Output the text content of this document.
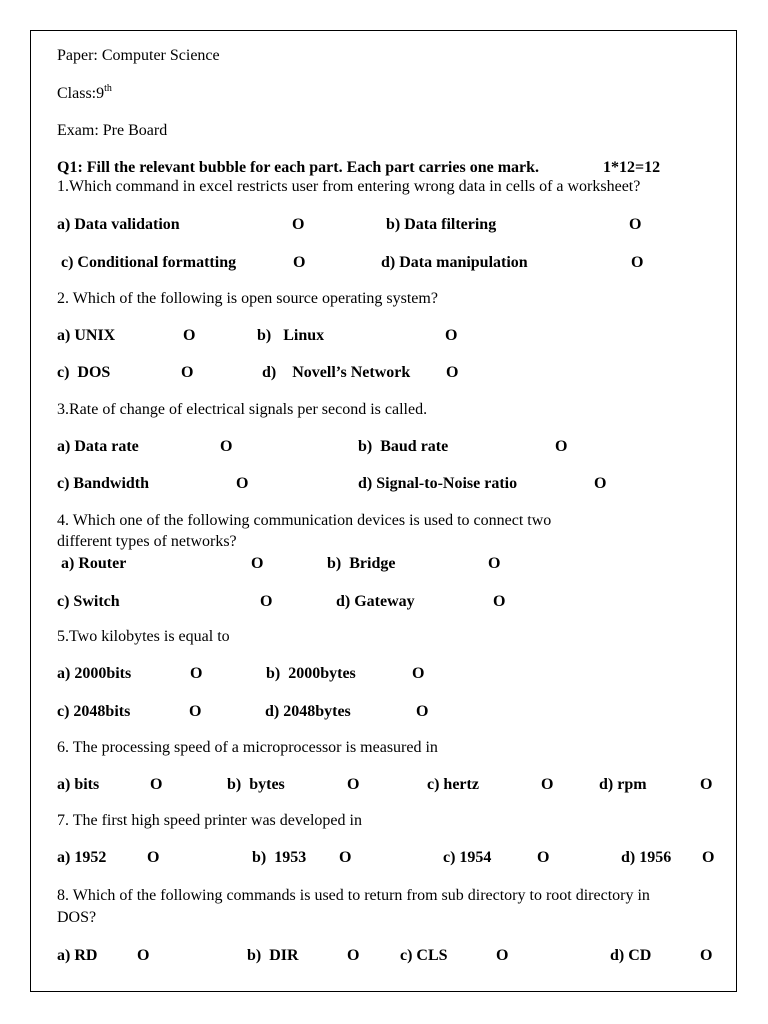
Paper: Computer Science
Class:9th
Exam: Pre Board
Q1: Fill the relevant bubble for each part. Each part carries one mark.	1*12=12
1.Which command in excel restricts user from entering wrong data in cells of a worksheet?
a) Data validation	O	b) Data filtering	O
c) Conditional formatting	O	d) Data manipulation	O
2. Which of the following is open source operating system?
a) UNIX	O	b)   Linux	O
c)  DOS	O	d)    Novell’s Network O
3.Rate of change of electrical signals per second is called.
a) Data rate	O	b)  Baud rate	O
c) Bandwidth	O	d) Signal-to-Noise ratio	O
4. Which one of the following communication devices is used to connect two
different types of networks?
a) Router	O	b)  Bridge	O
c) Switch	O	d) Gateway	O
5.Two kilobytes is equal to
a) 2000bits	O	b)  2000bytes	O
c) 2048bits	O	d) 2048bytes	O
6. The processing speed of a microprocessor is measured in
a) bits	O	b)  bytes	O	c) hertz	O	d) rpm	O
7. The first high speed printer was developed in
a) 1952	O	b)  1953 O	c) 1954	O	d) 1956 O
8. Which of the following commands is used to return from sub directory to root directory in
DOS?
a) RD O	b)  DIR	O	c) CLS	O	d) CD	O
